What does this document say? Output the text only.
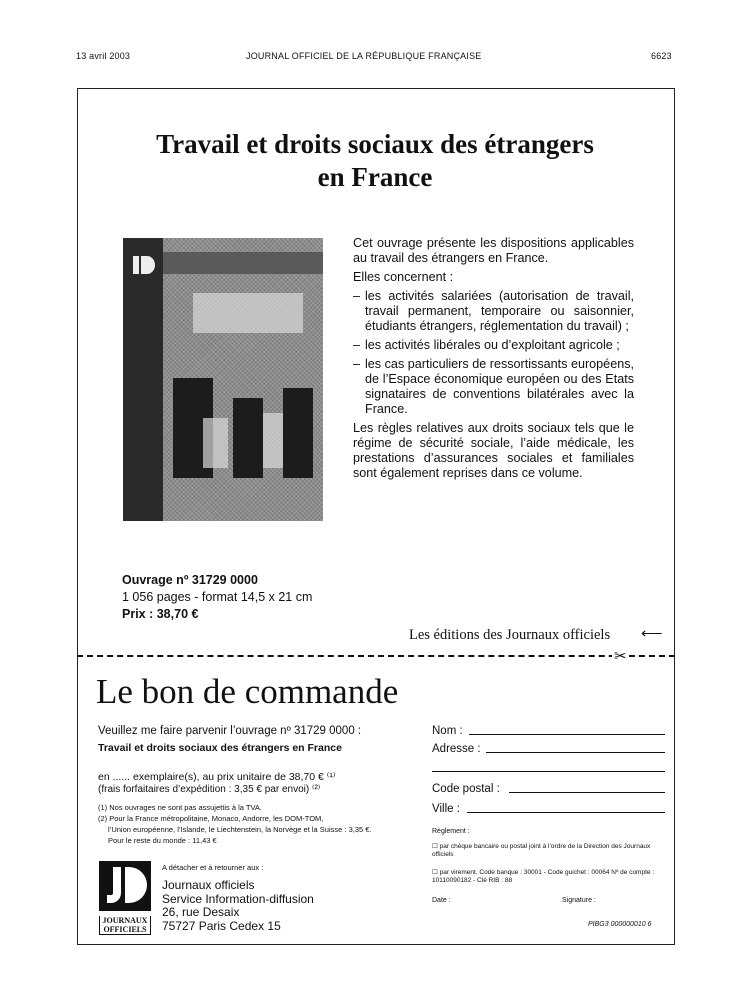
13 avril 2003	JOURNAL OFFICIEL DE LA RÉPUBLIQUE FRANÇAISE	6623
Travail et droits sociaux des étrangers
en France

Cet ouvrage présente les dispositions applicables au travail des étrangers en France.

Elles concernent :

– les activités salariées (autorisation de travail, travail permanent, temporaire ou saisonnier, étudiants étrangers, réglementation du travail) ;
– les activités libérales ou d’exploitant agricole ;
– les cas particuliers de ressortissants européens, de l’Espace économique européen ou des Etats signataires de conventions bilatérales avec la France.

Les règles relatives aux droits sociaux tels que le régime de sécurité sociale, l’aide médicale, les prestations d’assurances sociales et familiales sont également reprises dans ce volume.

Ouvrage nº 31729 0000
1 056 pages - format 14,5 x 21 cm
Prix : 38,70 €
Les éditions des Journaux officiels ⟵
✂
Le bon de commande
Veuillez me faire parvenir l’ouvrage nº 31729 0000 :
Travail et droits sociaux des étrangers en France
en ...... exemplaire(s), au prix unitaire de 38,70 € ⁽¹⁾
(frais forfaitaires d’expédition : 3,35 € par envoi) ⁽²⁾
(1) Nos ouvrages ne sont pas assujettis à la TVA.
(2) Pour la France métropolitaine, Monaco, Andorre, les DOM-TOM,
l’Union européenne, l’Islande, le Liechtenstein, la Norvège et la Suisse : 3,35 €.
Pour le reste du monde : 11,43 €
A détacher et à retourner aux :
Journaux officiels
Service Information-diffusion
26, rue Desaix
75727 Paris Cedex 15
JOURNAUX
OFFICIELS
Nom :
Adresse :
Code postal :
Ville :
Règlement :
☐ par chèque bancaire ou postal joint à l’ordre de la Direction des Journaux officiels
☐ par virement. Code banque : 30001 - Code guichet : 00064 Nº de compte : 10110090182 - Clé RIB : 88
Date :	Signature :
PIBG3 000000010 6
